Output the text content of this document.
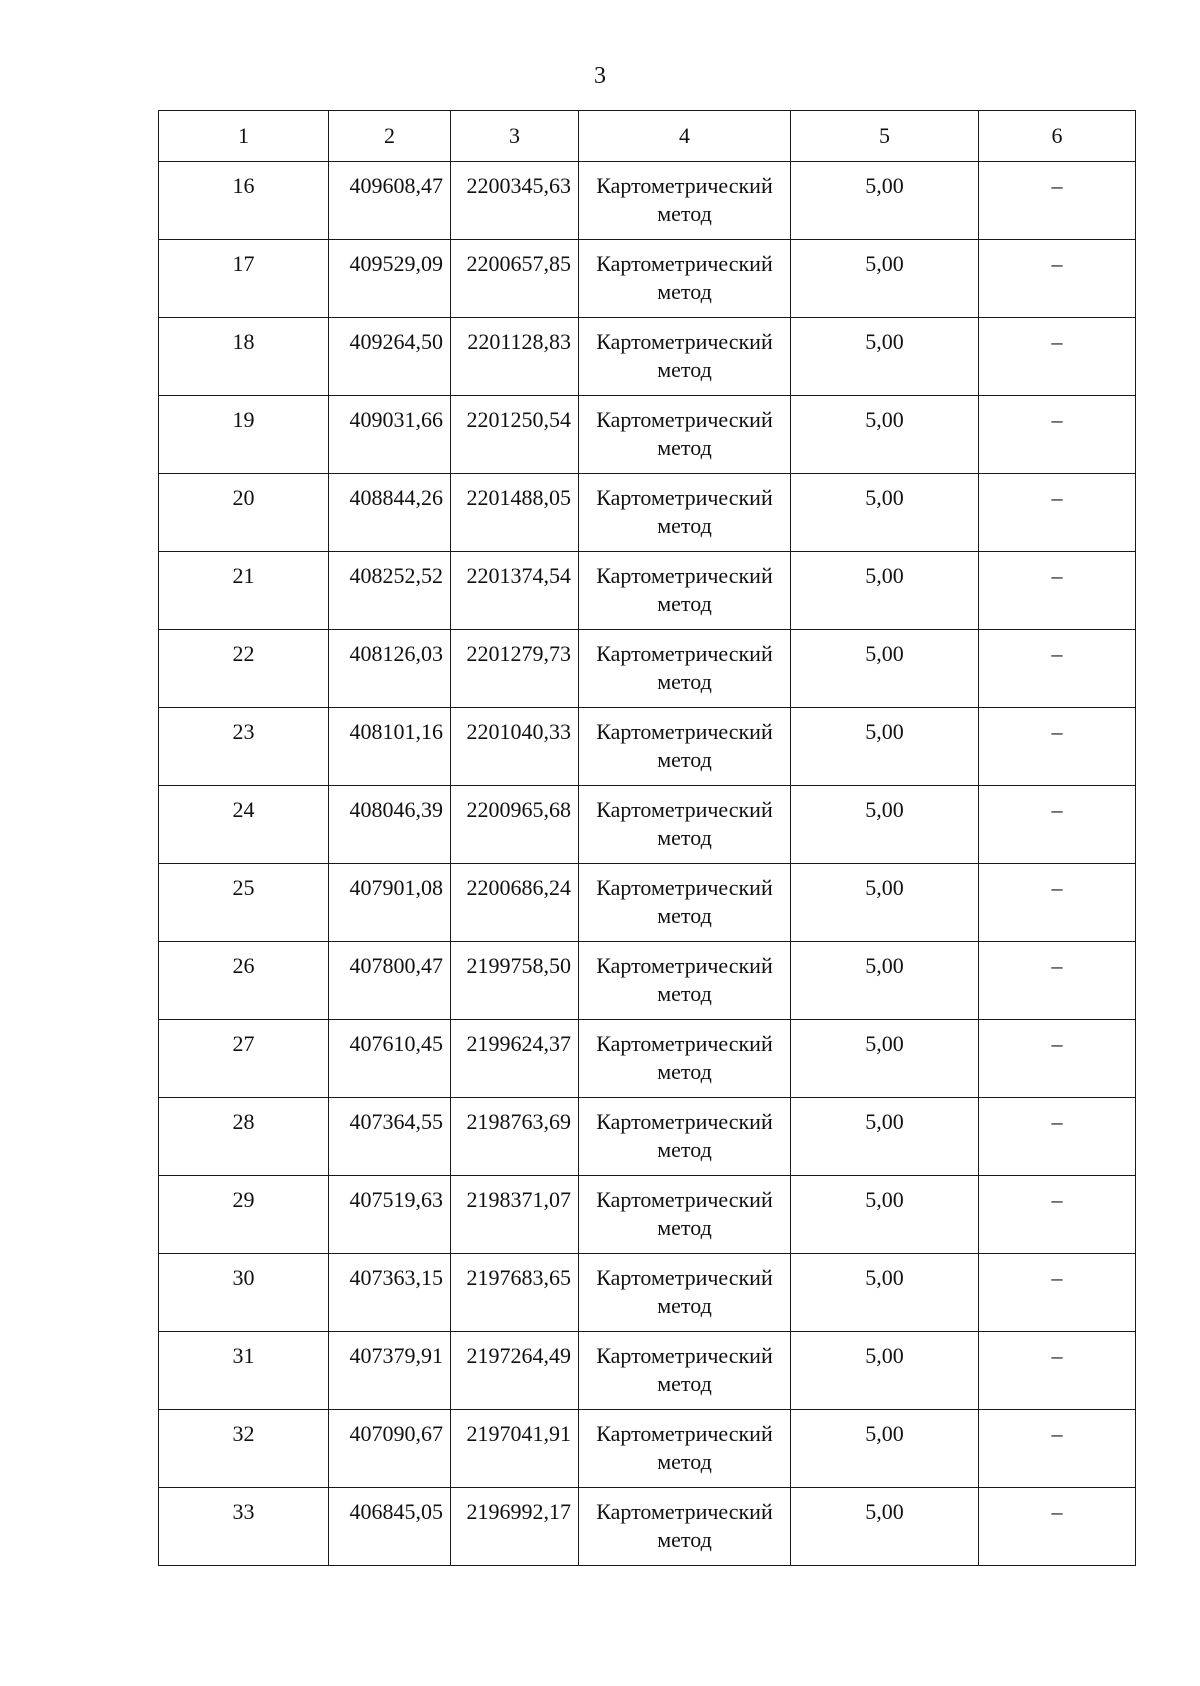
3
1	2	3	4	5	6
16	409608,47	2200345,63	Картометрический метод	5,00	–
17	409529,09	2200657,85	Картометрический метод	5,00	–
18	409264,50	2201128,83	Картометрический метод	5,00	–
19	409031,66	2201250,54	Картометрический метод	5,00	–
20	408844,26	2201488,05	Картометрический метод	5,00	–
21	408252,52	2201374,54	Картометрический метод	5,00	–
22	408126,03	2201279,73	Картометрический метод	5,00	–
23	408101,16	2201040,33	Картометрический метод	5,00	–
24	408046,39	2200965,68	Картометрический метод	5,00	–
25	407901,08	2200686,24	Картометрический метод	5,00	–
26	407800,47	2199758,50	Картометрический метод	5,00	–
27	407610,45	2199624,37	Картометрический метод	5,00	–
28	407364,55	2198763,69	Картометрический метод	5,00	–
29	407519,63	2198371,07	Картометрический метод	5,00	–
30	407363,15	2197683,65	Картометрический метод	5,00	–
31	407379,91	2197264,49	Картометрический метод	5,00	–
32	407090,67	2197041,91	Картометрический метод	5,00	–
33	406845,05	2196992,17	Картометрический метод	5,00	–
